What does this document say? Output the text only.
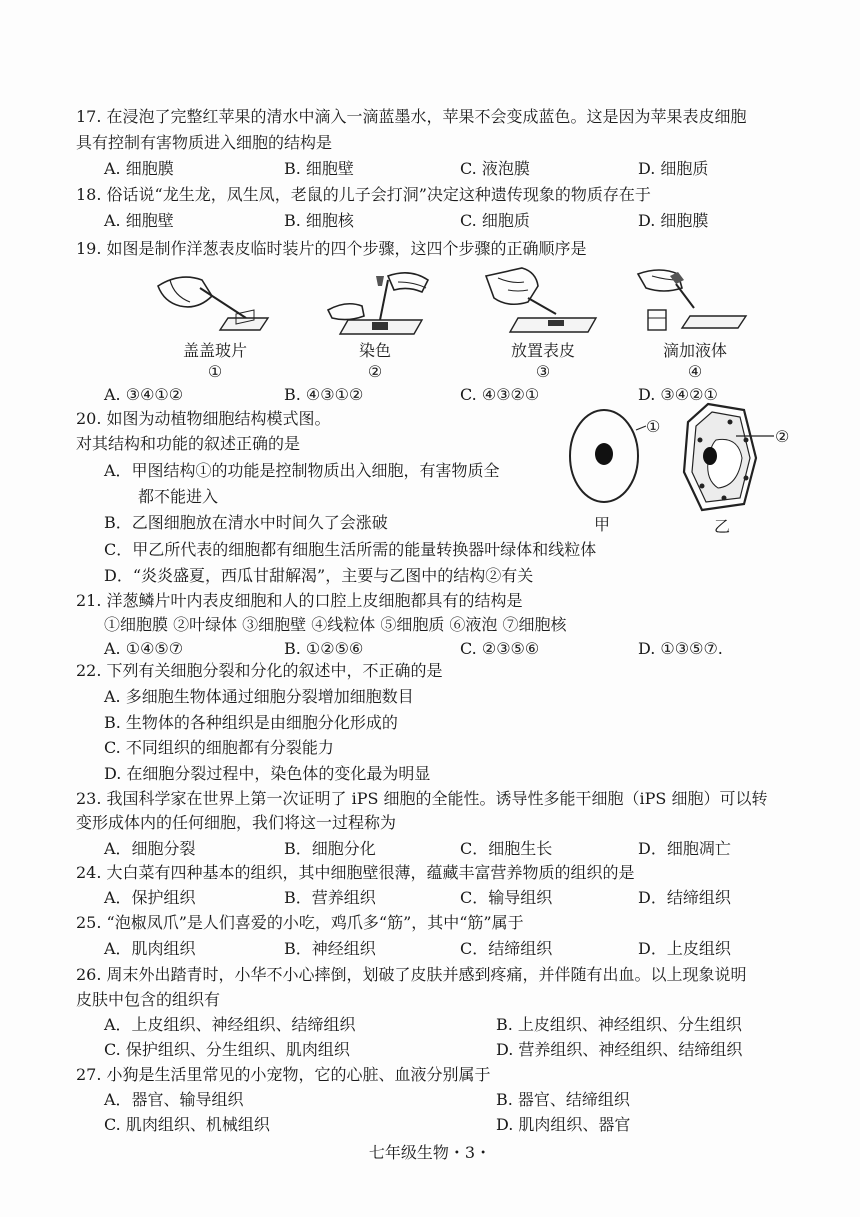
17. 在浸泡了完整红苹果的清水中滴入一滴蓝墨水，苹果不会变成蓝色。这是因为苹果表皮细胞
具有控制有害物质进入细胞的结构是
A. 细胞膜	B. 细胞壁	C. 液泡膜	D. 细胞质
18. 俗话说“龙生龙，凤生凤，老鼠的儿子会打洞”决定这种遗传现象的物质存在于
A. 细胞壁	B. 细胞核	C. 细胞质	D. 细胞膜
19. 如图是制作洋葱表皮临时装片的四个步骤，这四个步骤的正确顺序是
盖盖玻片
①
染色
②
放置表皮
③
滴加液体
④
A. ③④①②	B. ④③①②	C. ④③②①	D. ③④②①
20. 如图为动植物细胞结构模式图。
对其结构和功能的叙述正确的是
A．甲图结构①的功能是控制物质出入细胞，有害物质全
都不能进入
B．乙图细胞放在清水中时间久了会涨破
C．甲乙所代表的细胞都有细胞生活所需的能量转换器叶绿体和线粒体
D．“炎炎盛夏，西瓜甘甜解渴”，主要与乙图中的结构②有关
①
②
甲	乙
21. 洋葱鳞片叶内表皮细胞和人的口腔上皮细胞都具有的结构是
①细胞膜 ②叶绿体 ③细胞壁 ④线粒体 ⑤细胞质 ⑥液泡 ⑦细胞核
A. ①④⑤⑦	B. ①②⑤⑥	C. ②③⑤⑥	D. ①③⑤⑦.
22. 下列有关细胞分裂和分化的叙述中，不正确的是
A. 多细胞生物体通过细胞分裂增加细胞数目
B. 生物体的各种组织是由细胞分化形成的
C. 不同组织的细胞都有分裂能力
D. 在细胞分裂过程中，染色体的变化最为明显
23. 我国科学家在世界上第一次证明了 iPS 细胞的全能性。诱导性多能干细胞（iPS 细胞）可以转
变形成体内的任何细胞，我们将这一过程称为
A．细胞分裂	B．细胞分化	C．细胞生长	D．细胞凋亡
24. 大白菜有四种基本的组织，其中细胞壁很薄，蕴藏丰富营养物质的组织的是
A．保护组织	B．营养组织	C．输导组织	D．结缔组织
25. “泡椒凤爪”是人们喜爱的小吃，鸡爪多“筋”，其中“筋”属于
A．肌肉组织	B．神经组织	C．结缔组织	D．上皮组织
26. 周末外出踏青时，小华不小心摔倒，划破了皮肤并感到疼痛，并伴随有出血。以上现象说明
皮肤中包含的组织有
A．上皮组织、神经组织、结缔组织	B. 上皮组织、神经组织、分生组织
C. 保护组织、分生组织、肌肉组织	D. 营养组织、神经组织、结缔组织
27. 小狗是生活里常见的小宠物，它的心脏、血液分别属于
A．器官、输导组织	B. 器官、结缔组织
C. 肌肉组织、机械组织	D. 肌肉组织、器官
七年级生物・3・
